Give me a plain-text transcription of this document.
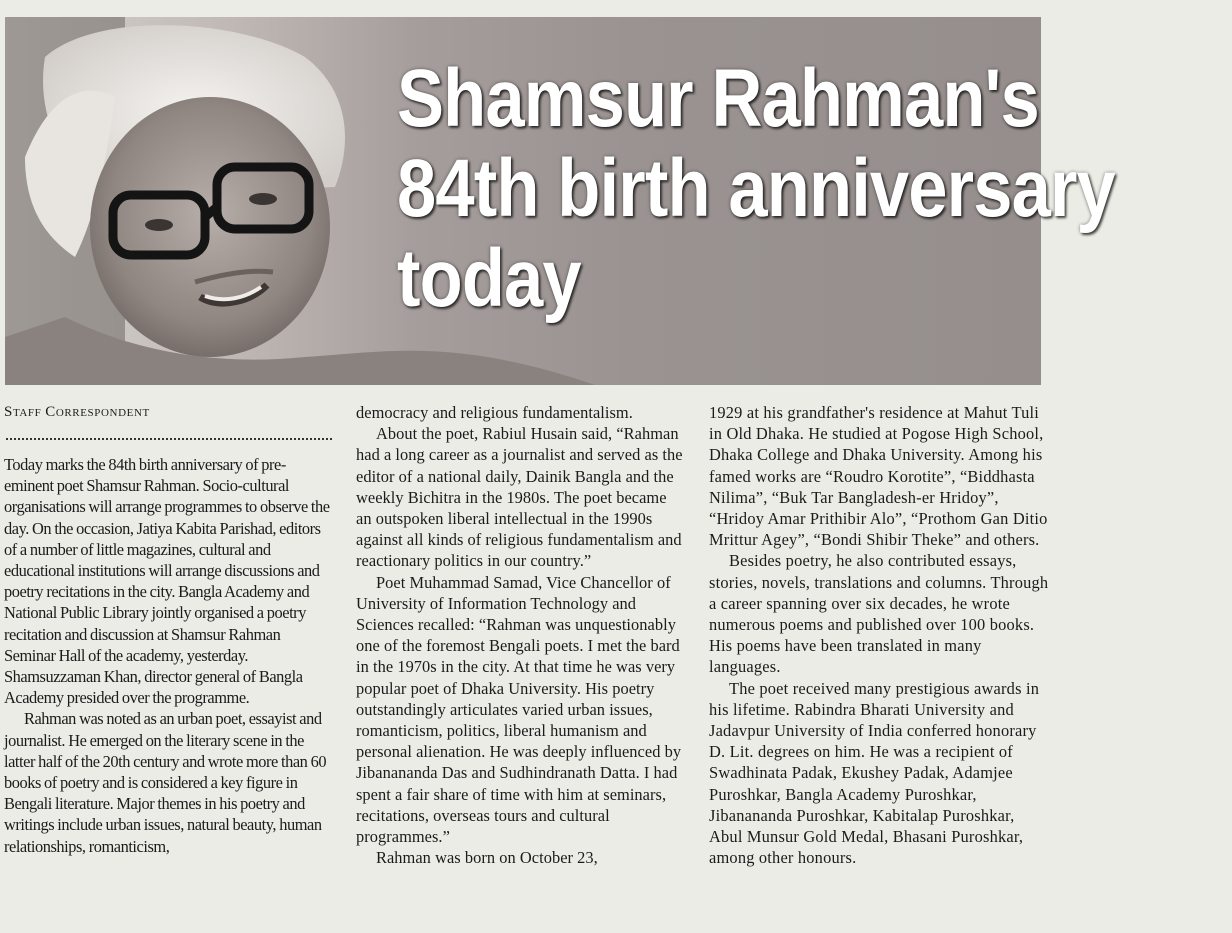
Shamsur Rahman's
84th birth anniversary
today
Staff Correspondent

Today marks the 84th birth anniversary of pre-eminent poet Shamsur Rahman. Socio-cultural organisations will arrange programmes to observe the day. On the occasion, Jatiya Kabita Parishad, editors of a number of little magazines, cultural and educational institutions will arrange discussions and poetry recitations in the city. Bangla Academy and National Public Library jointly organised a poetry recitation and discussion at Shamsur Rahman Seminar Hall of the academy, yesterday. Shamsuzzaman Khan, director general of Bangla Academy presided over the programme.

Rahman was noted as an urban poet, essayist and journalist. He emerged on the literary scene in the latter half of the 20th century and wrote more than 60 books of poetry and is considered a key figure in Bengali literature. Major themes in his poetry and writings include urban issues, natural beauty, human relationships, romanticism,

democracy and religious fundamentalism.

About the poet, Rabiul Husain said, “Rahman had a long career as a journalist and served as the editor of a national daily, Dainik Bangla and the weekly Bichitra in the 1980s. The poet became an outspoken liberal intellectual in the 1990s against all kinds of religious fundamentalism and reactionary politics in our country.”

Poet Muhammad Samad, Vice Chancellor of University of Information Technology and Sciences recalled: “Rahman was unquestionably one of the foremost Bengali poets. I met the bard in the 1970s in the city. At that time he was very popular poet of Dhaka University. His poetry outstandingly articulates varied urban issues, romanticism, politics, liberal humanism and personal alienation. He was deeply influenced by Jibanananda Das and Sudhindranath Datta. I had spent a fair share of time with him at seminars, recitations, overseas tours and cultural programmes.”

Rahman was born on October 23,

1929 at his grandfather's residence at Mahut Tuli in Old Dhaka. He studied at Pogose High School, Dhaka College and Dhaka University. Among his famed works are “Roudro Korotite”, “Biddhasta Nilima”, “Buk Tar Bangladesh-er Hridoy”, “Hridoy Amar Prithibir Alo”, “Prothom Gan Ditio Mrittur Agey”, “Bondi Shibir Theke” and others.

Besides poetry, he also contributed essays, stories, novels, translations and columns. Through a career spanning over six decades, he wrote numerous poems and published over 100 books. His poems have been translated in many languages.

The poet received many prestigious awards in his lifetime. Rabindra Bharati University and Jadavpur University of India conferred honorary D. Lit. degrees on him. He was a recipient of Swadhinata Padak, Ekushey Padak, Adamjee Puroshkar, Bangla Academy Puroshkar, Jibanananda Puroshkar, Kabitalap Puroshkar, Abul Munsur Gold Medal, Bhasani Puroshkar, among other honours.
